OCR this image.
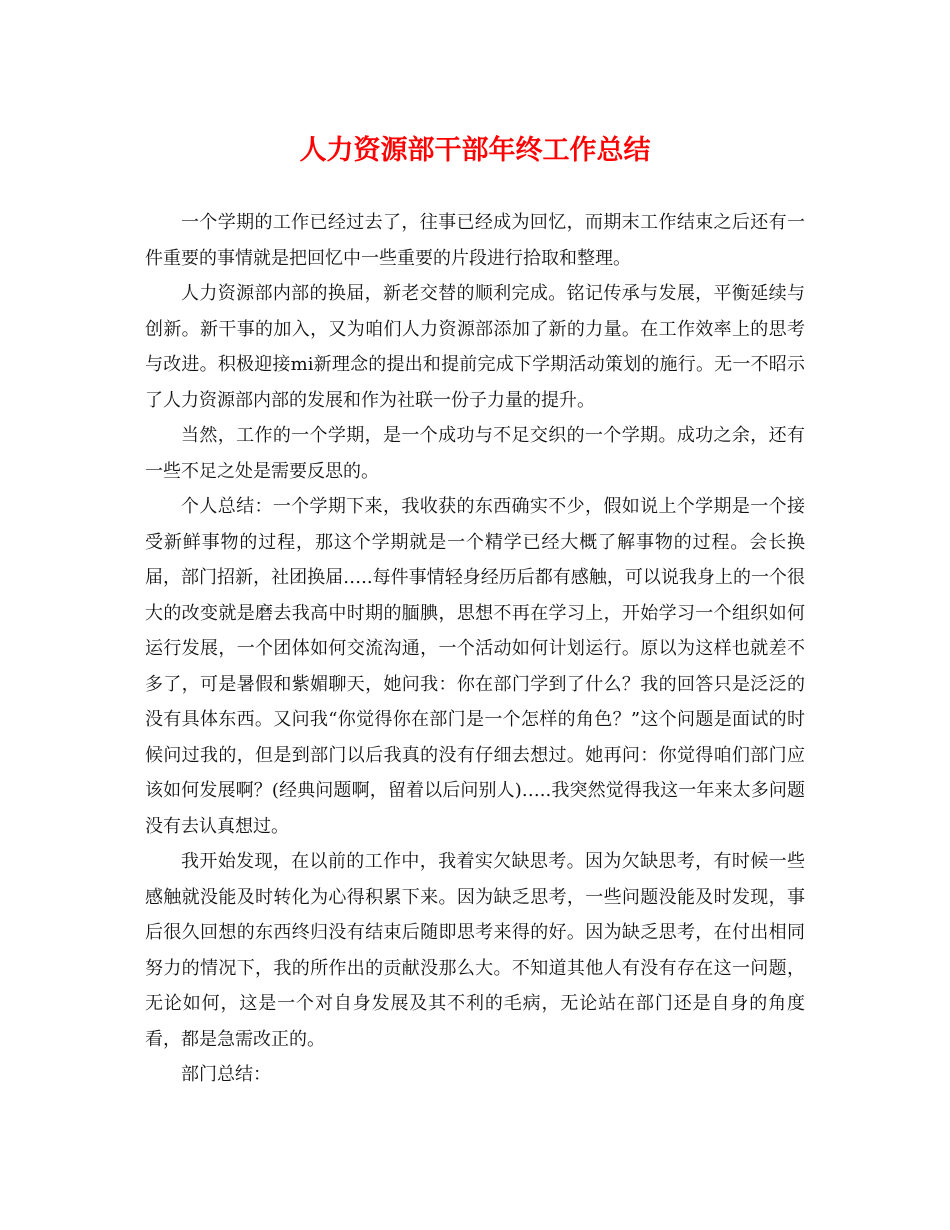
人力资源部干部年终工作总结

一个学期的工作已经过去了，往事已经成为回忆，而期末工作结束之后还有一件重要的事情就是把回忆中一些重要的片段进行拾取和整理。

人力资源部内部的换届，新老交替的顺利完成。铭记传承与发展，平衡延续与创新。新干事的加入，又为咱们人力资源部添加了新的力量。在工作效率上的思考与改进。积极迎接mi新理念的提出和提前完成下学期活动策划的施行。无一不昭示了人力资源部内部的发展和作为社联一份子力量的提升。

当然，工作的一个学期，是一个成功与不足交织的一个学期。成功之余，还有一些不足之处是需要反思的。

个人总结：一个学期下来，我收获的东西确实不少，假如说上个学期是一个接受新鲜事物的过程，那这个学期就是一个精学已经大概了解事物的过程。会长换届，部门招新，社团换届…..每件事情轻身经历后都有感触，可以说我身上的一个很大的改变就是磨去我高中时期的腼腆，思想不再在学习上，开始学习一个组织如何运行发展，一个团体如何交流沟通，一个活动如何计划运行。原以为这样也就差不多了，可是暑假和紫媚聊天，她问我：你在部门学到了什么？我的回答只是泛泛的没有具体东西。又问我“你觉得你在部门是一个怎样的角色？”这个问题是面试的时候问过我的，但是到部门以后我真的没有仔细去想过。她再问：你觉得咱们部门应该如何发展啊？(经典问题啊，留着以后问别人)…..我突然觉得我这一年来太多问题没有去认真想过。

我开始发现，在以前的工作中，我着实欠缺思考。因为欠缺思考，有时候一些感触就没能及时转化为心得积累下来。因为缺乏思考，一些问题没能及时发现，事后很久回想的东西终归没有结束后随即思考来得的好。因为缺乏思考，在付出相同努力的情况下，我的所作出的贡献没那么大。不知道其他人有没有存在这一问题，无论如何，这是一个对自身发展及其不利的毛病，无论站在部门还是自身的角度看，都是急需改正的。

部门总结：
